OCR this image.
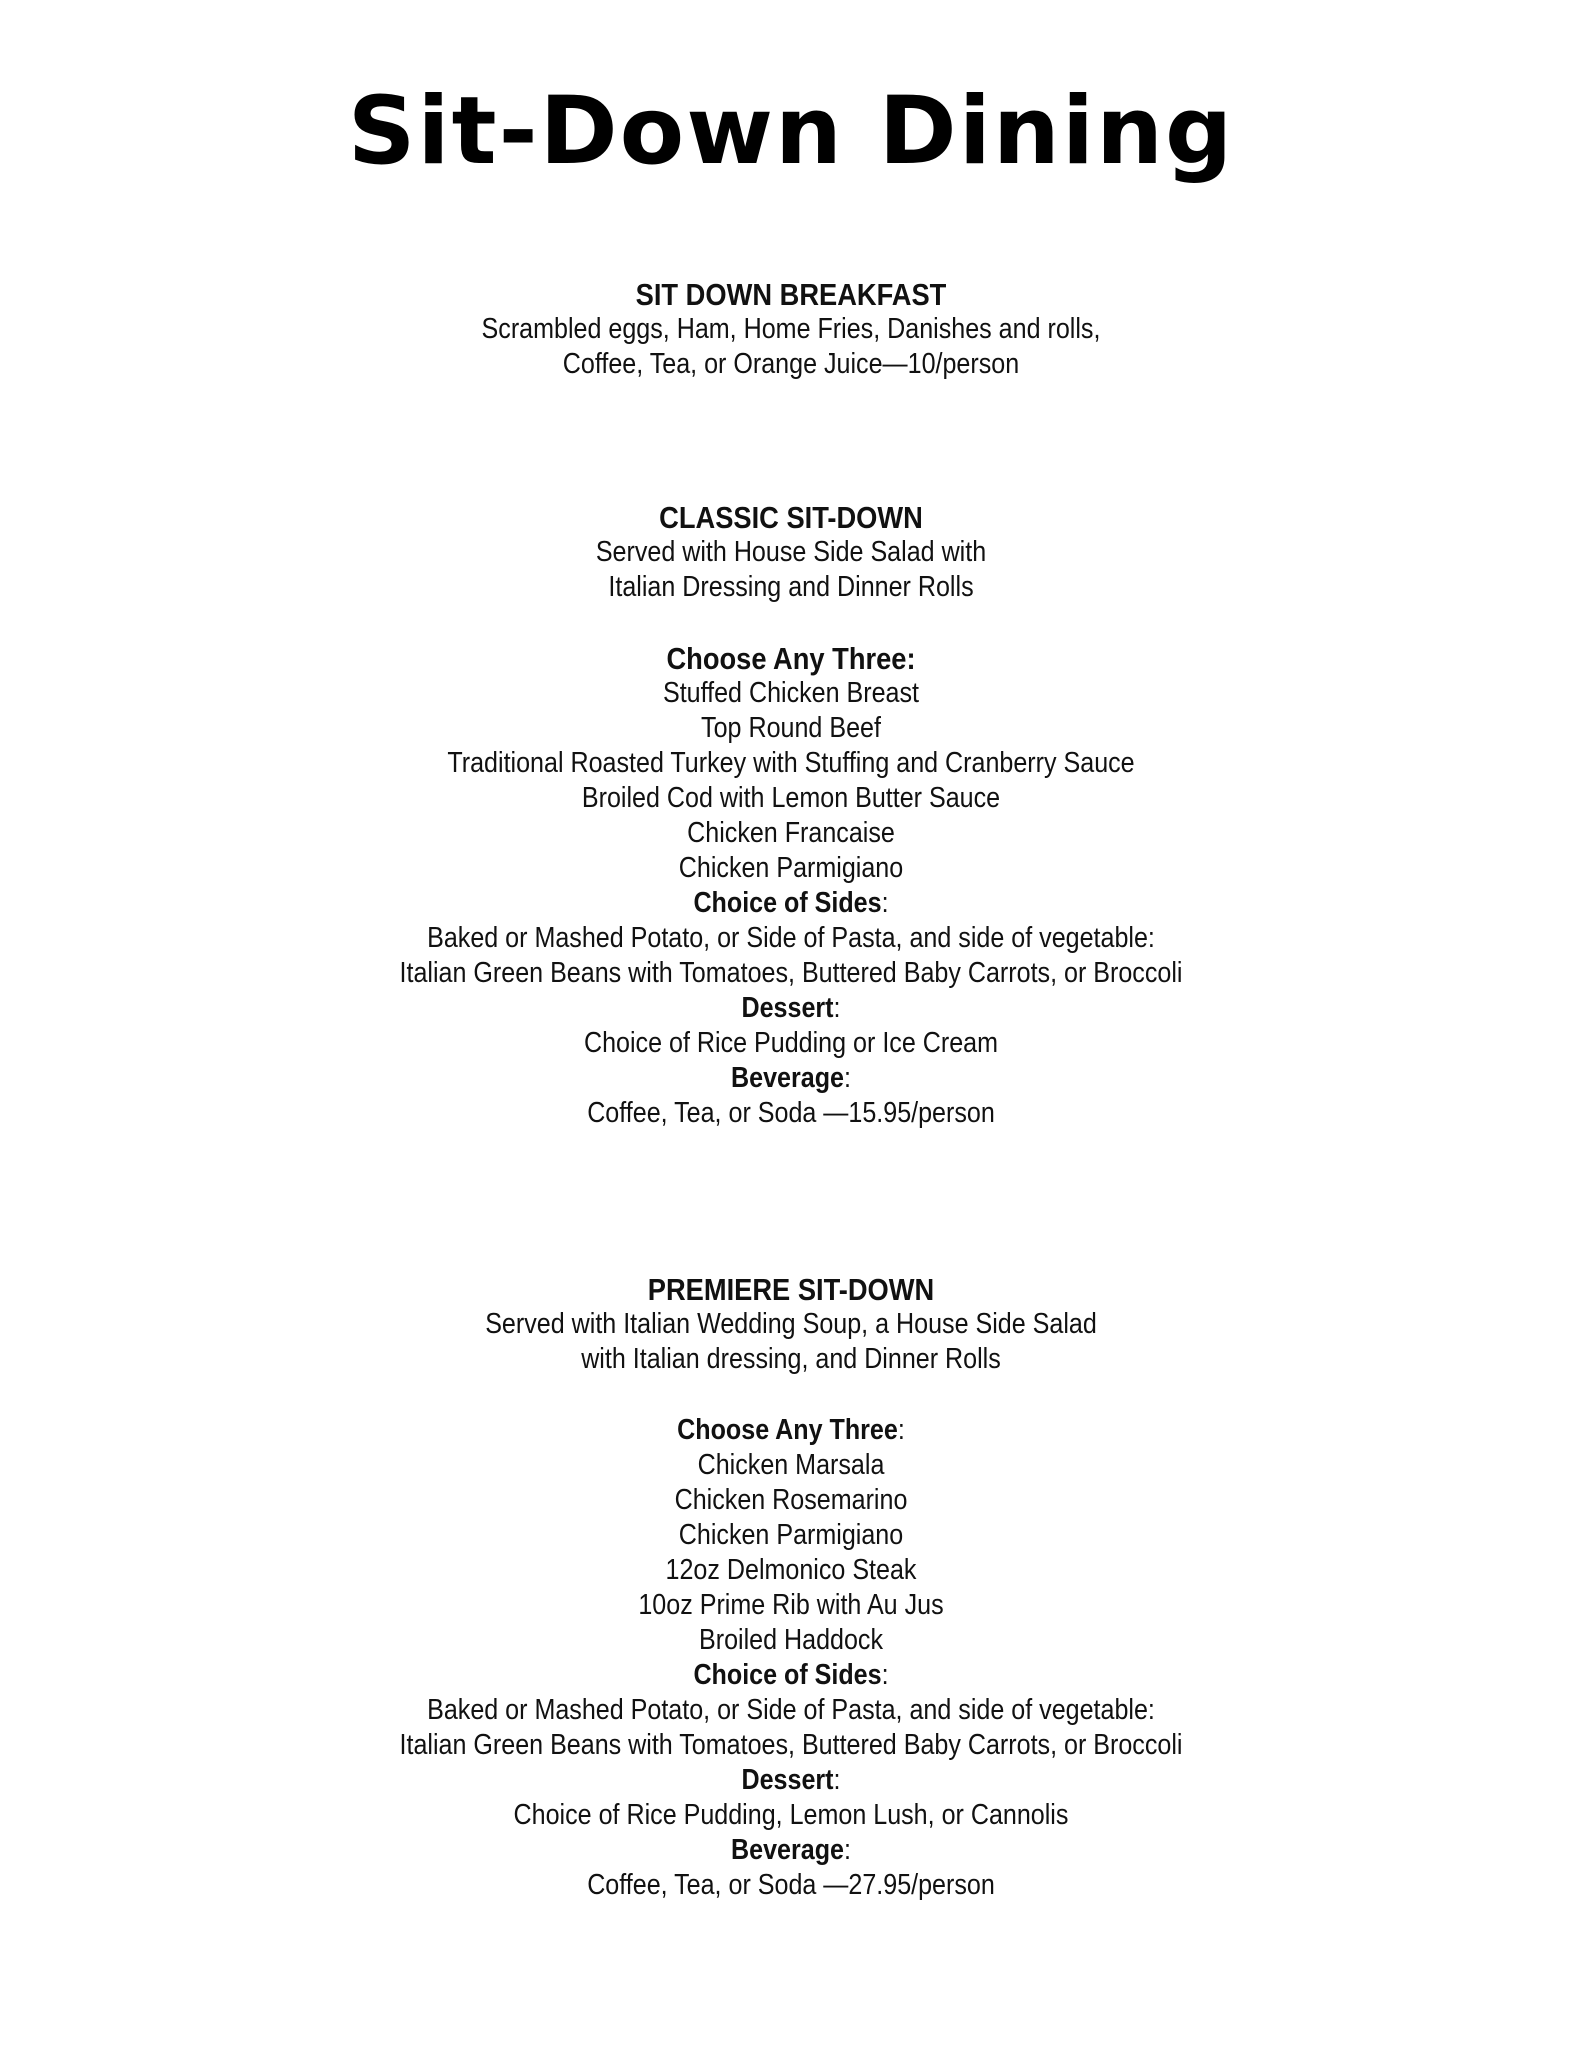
Sit-Down Dining
SIT DOWN BREAKFAST
Scrambled eggs, Ham, Home Fries, Danishes and rolls,
Coffee, Tea, or Orange Juice—10/person
CLASSIC SIT-DOWN
Served with House Side Salad with
Italian Dressing and Dinner Rolls
Choose Any Three:
Stuffed Chicken Breast
Top Round Beef
Traditional Roasted Turkey with Stuffing and Cranberry Sauce
Broiled Cod with Lemon Butter Sauce
Chicken Francaise
Chicken Parmigiano
Choice of Sides:
Baked or Mashed Potato, or Side of Pasta, and side of vegetable:
Italian Green Beans with Tomatoes, Buttered Baby Carrots, or Broccoli
Dessert:
Choice of Rice Pudding or Ice Cream
Beverage:
Coffee, Tea, or Soda —15.95/person
PREMIERE SIT-DOWN
Served with Italian Wedding Soup, a House Side Salad
with Italian dressing, and Dinner Rolls
Choose Any Three:
Chicken Marsala
Chicken Rosemarino
Chicken Parmigiano
12oz Delmonico Steak
10oz Prime Rib with Au Jus
Broiled Haddock
Choice of Sides:
Baked or Mashed Potato, or Side of Pasta, and side of vegetable:
Italian Green Beans with Tomatoes, Buttered Baby Carrots, or Broccoli
Dessert:
Choice of Rice Pudding, Lemon Lush, or Cannolis
Beverage:
Coffee, Tea, or Soda —27.95/person
